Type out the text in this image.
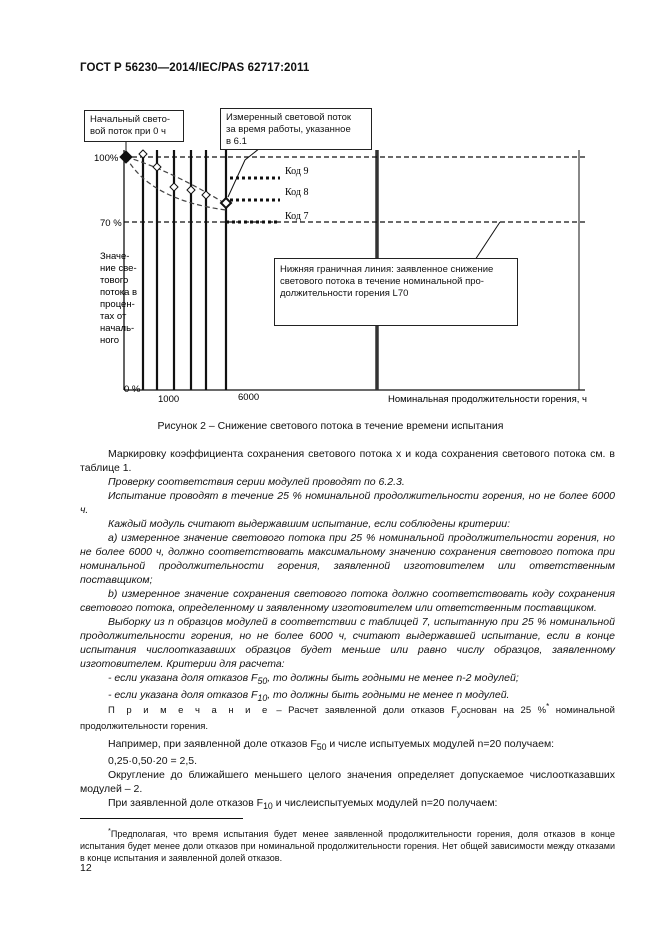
ГОСТ Р 56230—2014/IEC/PAS 62717:2011
Код 9
Код 8
Код 7
100%
70 %
0 %
1000	6000	Номинальная продолжительности горения, ч
Значе- ние све- тового потока в процен- тах от началь- ного
Начальный свето-
вой поток при 0 ч
Измеренный световой поток
за время работы, указанное
в 6.1
Нижняя граничная линия: заявленное снижение
светового потока в течение номинальной про-
должительности горения L70
Рисунок 2 – Снижение светового потока в течение времени испытания

Маркировку коэффициента сохранения светового потока x и кода сохранения светового потока см. в таблице 1.

Проверку соответствия серии модулей проводят по 6.2.3.

Испытание проводят в течение 25 % номинальной продолжительности горения, но не более 6000 ч.

Каждый модуль считают выдержавшим испытание, если соблюдены критерии:

a) измеренное значение светового потока при 25 % номинальной продолжительности горения, но не более 6000 ч, должно соответствовать максимальному значению сохранения светового потока при номинальной продолжительности горения, заявленной изготовителем или ответственным поставщиком;

b) измеренное значение сохранения светового потока должно соответствовать коду сохранения светового потока, определенному и заявленному изготовителем или ответственным поставщиком.

Выборку из n образцов модулей в соответствии с таблицей 7, испытанную при 25 % номинальной продолжительности горения, но не более 6000 ч, считают выдержавшей испытание, если в конце испытания числоотказавших образцов будет меньше или равно числу образцов, заявленному изготовителем. Критерии для расчета:

- если указана доля отказов $F_{50}$, то должны быть годными не менее n-2 модулей;

- если указана доля отказов $F_{10}$, то должны быть годными не менее n модулей.

П р и м е ч а н и е – Расчет заявленной доли отказов $F_yоснован$ на 25 %* номинальной продолжительности горения.

Например, при заявленной доле отказов $F_{50}$ и числе испытуемых модулей n=20 получаем:

0,25·0,50·20 = 2,5.

Округление до ближайшего меньшего целого значения определяет допускаемое числоотказавших модулей – 2.

При заявленной доле отказов $F_{10}$ и числеиспытуемых модулей n=20 получаем:

*Предполагая, что время испытания будет менее заявленной продолжительности горения, доля отказов в конце испытания будет менее доли отказов при номинальной продолжительности горения. Нет общей зависимости между отказами в конце испытания и заявленной долей отказов.

12
